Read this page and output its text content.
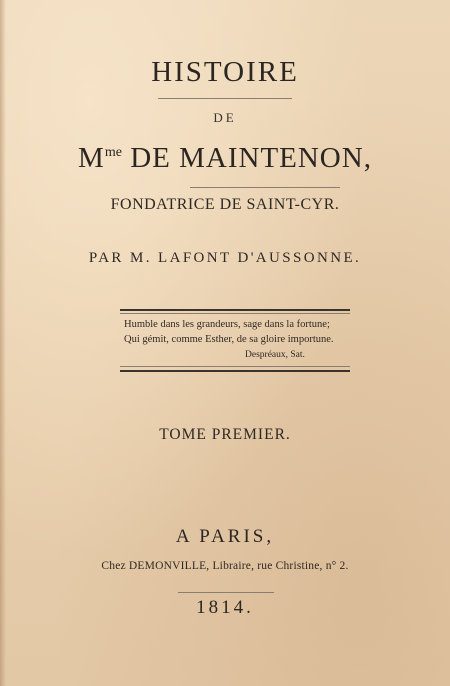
HISTOIRE
DE
$M^{me}$ DE MAINTENON,
FONDATRICE DE SAINT-CYR.
PAR M. LAFONT D'AUSSONNE.
Humble dans les grandeurs, sage dans la fortune;
Qui gémit, comme Esther, de sa gloire importune.
Despréaux, Sat.
TOME PREMIER.
A PARIS,
Chez DEMONVILLE, Libraire, rue Christine, n° 2.
1814.
